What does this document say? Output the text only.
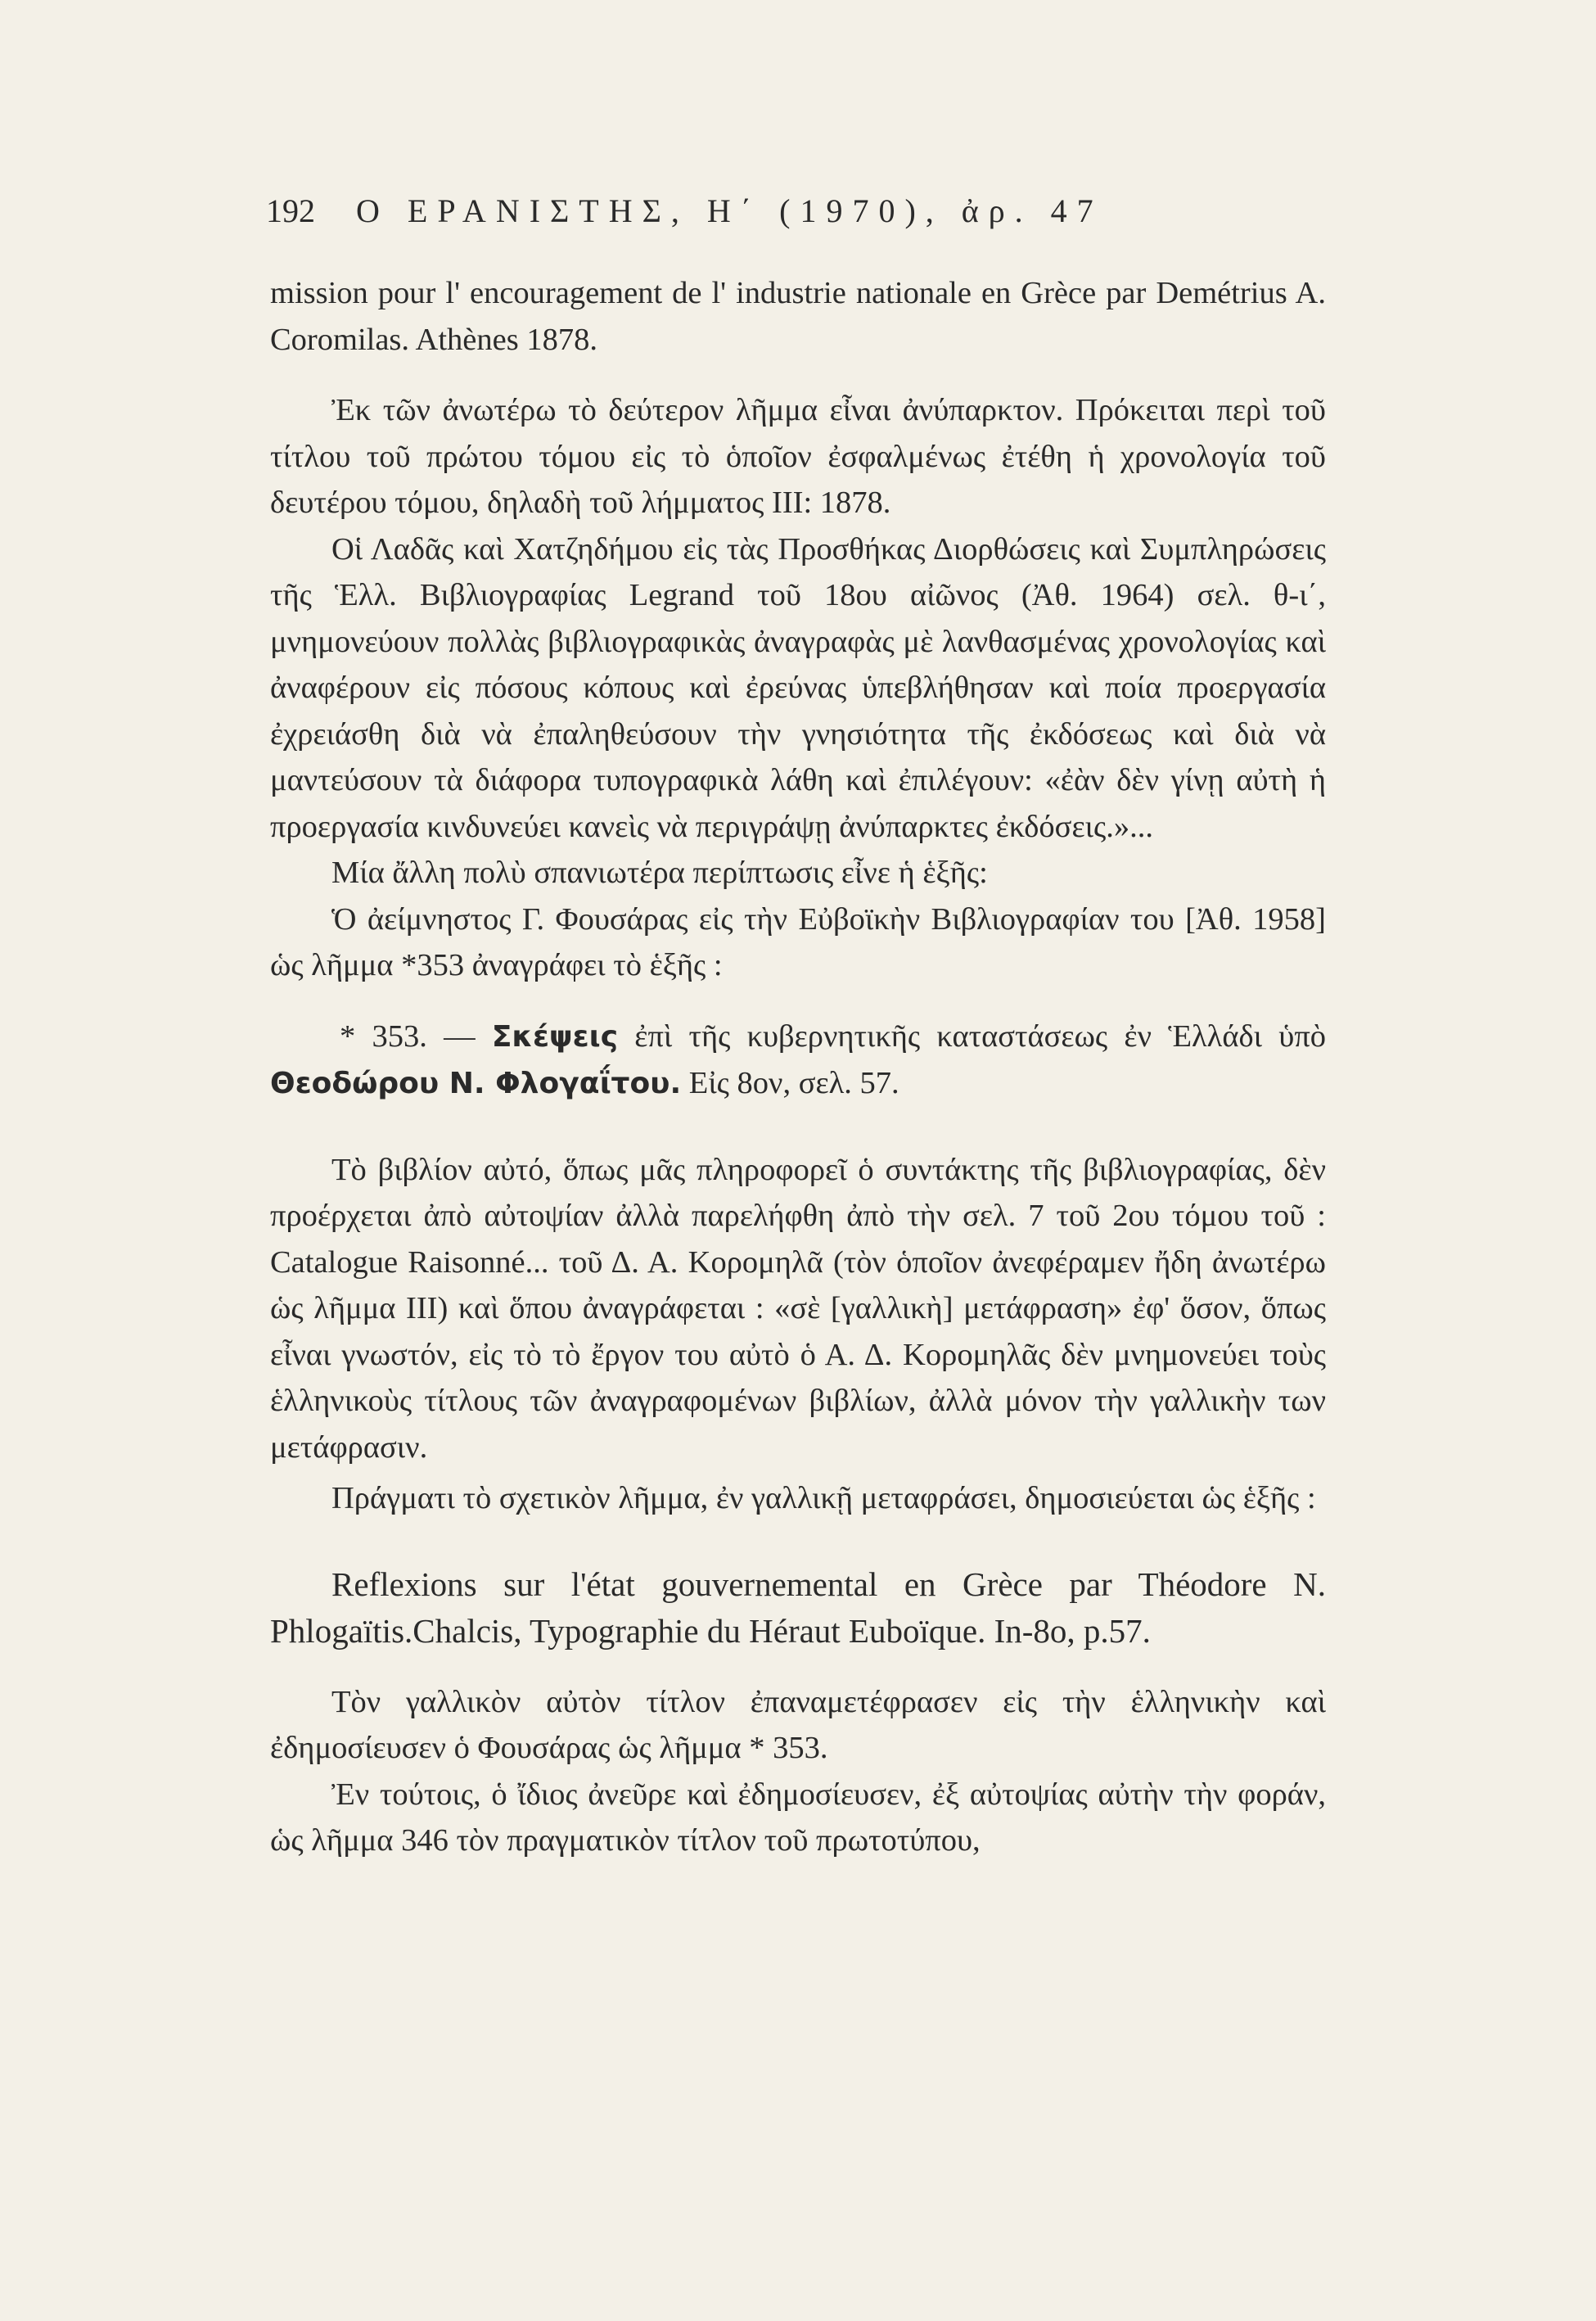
192 Ο ΕΡΑΝΙΣΤΗΣ, Η΄ (1970), ἀρ. 47

mission pour l' encouragement de l' industrie nationale en Grèce par Demétrius A. Coromilas. Athènes 1878.

Ἐκ τῶν ἀνωτέρω τὸ δεύτερον λῆμμα εἶναι ἀνύπαρκτον. Πρόκειται περὶ τοῦ τίτλου τοῦ πρώτου τόμου εἰς τὸ ὁποῖον ἐσφαλμένως ἐτέθη ἡ χρονολογία τοῦ δευτέρου τόμου, δηλαδὴ τοῦ λήμματος III: 1878.

Οἱ Λαδᾶς καὶ Χατζηδήμου εἰς τὰς Προσθήκας Διορθώσεις καὶ Συμπληρώσεις τῆς Ἑλλ. Βιβλιογραφίας Legrand τοῦ 18ου αἰῶνος (Ἀθ. 1964) σελ. θ-ι΄, μνημονεύουν πολλὰς βιβλιογραφικὰς ἀναγραφὰς μὲ λανθασμένας χρονολογίας καὶ ἀναφέρουν εἰς πόσους κόπους καὶ ἐρεύνας ὑπεβλήθησαν καὶ ποία προεργασία ἐχρειάσθη διὰ νὰ ἐπαληθεύσουν τὴν γνησιότητα τῆς ἐκδόσεως καὶ διὰ νὰ μαντεύσουν τὰ διάφορα τυπογραφικὰ λάθη καὶ ἐπιλέγουν: «ἐὰν δὲν γίνῃ αὐτὴ ἡ προεργασία κινδυνεύει κανεὶς νὰ περιγράψῃ ἀνύπαρκτες ἐκδόσεις.»...

Μία ἄλλη πολὺ σπανιωτέρα περίπτωσις εἶνε ἡ ἑξῆς:

Ὁ ἀείμνηστος Γ. Φουσάρας εἰς τὴν Εὐβοϊκὴν Βιβλιογραφίαν του [Ἀθ. 1958] ὡς λῆμμα *353 ἀναγράφει τὸ ἑξῆς :

* 353. — Σκέψεις ἐπὶ τῆς κυβερνητικῆς καταστάσεως ἐν Ἑλλάδι ὑπὸ Θεοδώρου Ν. Φλογαΐτου. Εἰς 8ον, σελ. 57.

Τὸ βιβλίον αὐτό, ὅπως μᾶς πληροφορεῖ ὁ συντάκτης τῆς βιβλιογραφίας, δὲν προέρχεται ἀπὸ αὐτοψίαν ἀλλὰ παρελήφθη ἀπὸ τὴν σελ. 7 τοῦ 2ου τόμου τοῦ : Catalogue Raisonné... τοῦ Δ. Α. Κορομηλᾶ (τὸν ὁποῖον ἀνεφέραμεν ἤδη ἀνωτέρω ὡς λῆμμα III) καὶ ὅπου ἀναγράφεται : «σὲ [γαλλικὴ] μετάφραση» ἐφ' ὅσον, ὅπως εἶναι γνωστόν, εἰς τὸ τὸ ἔργον του αὐτὸ ὁ Α. Δ. Κορομηλᾶς δὲν μνημονεύει τοὺς ἑλληνικοὺς τίτλους τῶν ἀναγραφομένων βιβλίων, ἀλλὰ μόνον τὴν γαλλικὴν των μετάφρασιν.

Πράγματι τὸ σχετικὸν λῆμμα, ἐν γαλλικῇ μεταφράσει, δημοσιεύεται ὡς ἑξῆς :

Reflexions sur l'état gouvernemental en Grèce par Théodore N. Phlogaïtis.Chalcis, Typographie du Héraut Euboïque. In-8o, p.57.

Τὸν γαλλικὸν αὐτὸν τίτλον ἐπαναμετέφρασεν εἰς τὴν ἑλληνικὴν καὶ ἐδημοσίευσεν ὁ Φουσάρας ὡς λῆμμα * 353.

Ἐν τούτοις, ὁ ἴδιος ἀνεῦρε καὶ ἐδημοσίευσεν, ἐξ αὐτοψίας αὐτὴν τὴν φοράν, ὡς λῆμμα 346 τὸν πραγματικὸν τίτλον τοῦ πρωτοτύπου,
